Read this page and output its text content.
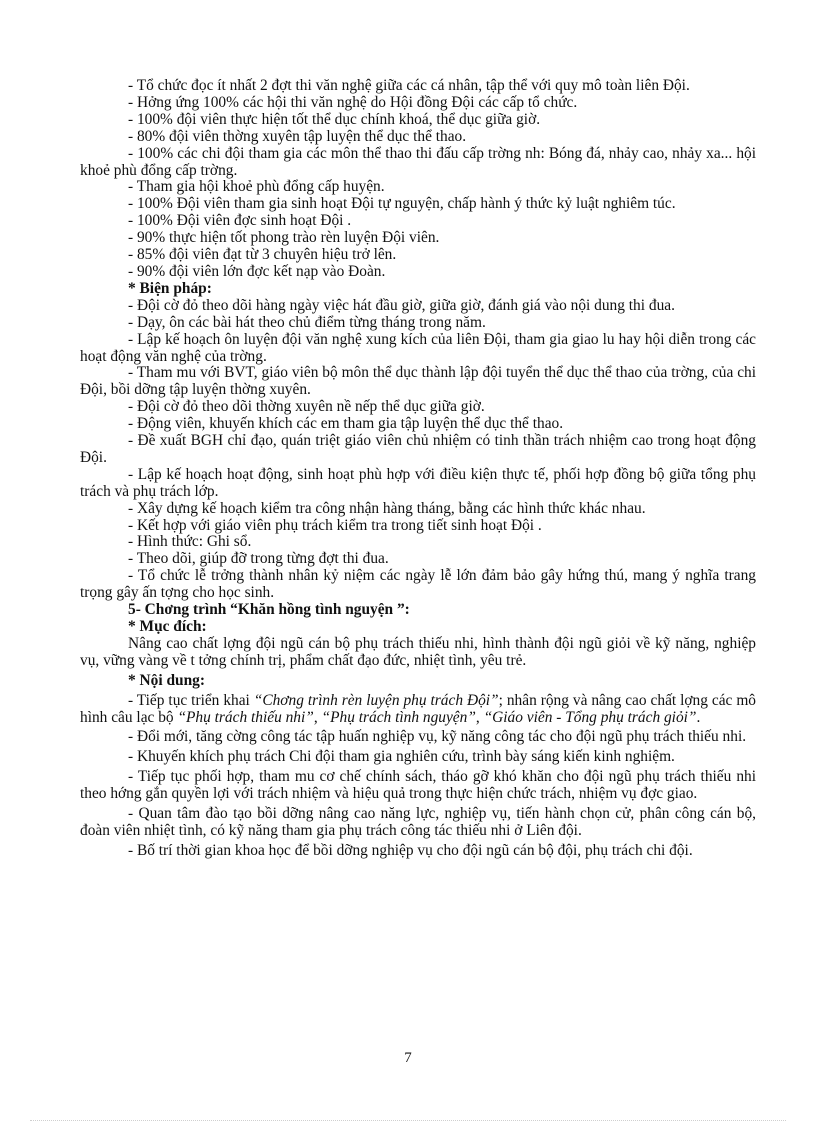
- Tổ chức đọc ít nhất 2 đợt thi văn nghệ giữa các cá nhân, tập thể với quy mô toàn liên Đội.

- Hởng ứng 100% các hội thi văn nghệ do Hội đồng Đội các cấp tổ chức.

- 100% đội viên thực hiện tốt thể dục chính khoá, thể dục giữa giờ.

- 80% đội viên thờng xuyên tập luyện thể dục thể thao.

- 100% các chi đội tham gia các môn thể thao thi đấu cấp trờng nh: Bóng đá, nhảy cao, nhảy xa... hội khoẻ phù đổng cấp trờng.

- Tham gia hội khoẻ phù đổng cấp huyện.

- 100% Đội viên tham gia sinh hoạt Đội tự nguyện, chấp hành ý thức kỷ luật nghiêm túc.

- 100% Đội viên đợc sinh hoạt Đội .

- 90% thực hiện tốt phong trào rèn luyện Đội viên.

- 85% đội viên đạt từ 3 chuyên hiệu trở lên.

- 90% đội viên lớn đợc kết nạp vào Đoàn.

* Biện pháp:

- Đội cờ đỏ theo dõi hàng ngày việc hát đầu giờ, giữa giờ, đánh giá vào nội dung thi đua.

- Dạy, ôn các bài hát theo chủ điểm từng tháng trong năm.

- Lập kế hoạch ôn luyện đội văn nghệ xung kích của liên Đội, tham gia giao lu hay hội diễn trong các hoạt động văn nghệ của trờng.

- Tham mu với BVT, giáo viên bộ môn thể dục thành lập đội tuyển thể dục thể thao của trờng, của chi Đội, bồi dỡng tập luyện thờng xuyên.

- Đội cờ đỏ theo dõi thờng xuyên nề nếp thể dục giữa giờ.

- Động viên, khuyến khích các em tham gia tập luyện thể dục thể thao.

- Đề xuất BGH chỉ đạo, quán triệt giáo viên chủ nhiệm có tinh thần trách nhiệm cao trong hoạt động Đội.

- Lập kế hoạch hoạt động, sinh hoạt phù hợp với điều kiện thực tế, phối hợp đồng bộ giữa tổng phụ trách và phụ trách lớp.

- Xây dựng kế hoạch kiểm tra công nhận hàng tháng, bằng các hình thức khác nhau.

- Kết hợp với giáo viên phụ trách kiểm tra trong tiết sinh hoạt Đội .

- Hình thức: Ghi sổ.

- Theo dõi, giúp đỡ trong từng đợt thi đua.

- Tổ chức lễ trởng thành nhân kỷ niệm các ngày lễ lớn đảm bảo gây hứng thú, mang ý nghĩa trang trọng gây ấn tợng cho học sinh.

5- Chơng trình “Khăn hồng tình nguyện ”:

* Mục đích:

Nâng cao chất lợng đội ngũ cán bộ phụ trách thiếu nhi, hình thành đội ngũ giỏi về kỹ năng, nghiệp vụ, vững vàng về t tởng chính trị, phẩm chất đạo đức, nhiệt tình, yêu trẻ.

* Nội dung:

- Tiếp tục triển khai “Chơng trình rèn luyện phụ trách Đội”; nhân rộng và nâng cao chất lợng các mô hình câu lạc bộ “Phụ trách thiếu nhi”, “Phụ trách tình nguyện”, “Giáo viên - Tổng phụ trách giỏi”.

- Đổi mới, tăng cờng công tác tập huấn nghiệp vụ, kỹ năng công tác cho đội ngũ phụ trách thiếu nhi.

- Khuyến khích phụ trách Chi đội tham gia nghiên cứu, trình bày sáng kiến kinh nghiệm.

- Tiếp tục phối hợp, tham mu cơ chế chính sách, tháo gỡ khó khăn cho đội ngũ phụ trách thiếu nhi theo hớng gắn quyền lợi với trách nhiệm và hiệu quả trong thực hiện chức trách, nhiệm vụ đợc giao.

- Quan tâm đào tạo bồi dỡng nâng cao năng lực, nghiệp vụ, tiến hành chọn cử, phân công cán bộ, đoàn viên nhiệt tình, có kỹ năng tham gia phụ trách công tác thiếu nhi ở Liên đội.

- Bố trí thời gian khoa học để bồi dỡng nghiệp vụ cho đội ngũ cán bộ đội, phụ trách chi đội.

7
